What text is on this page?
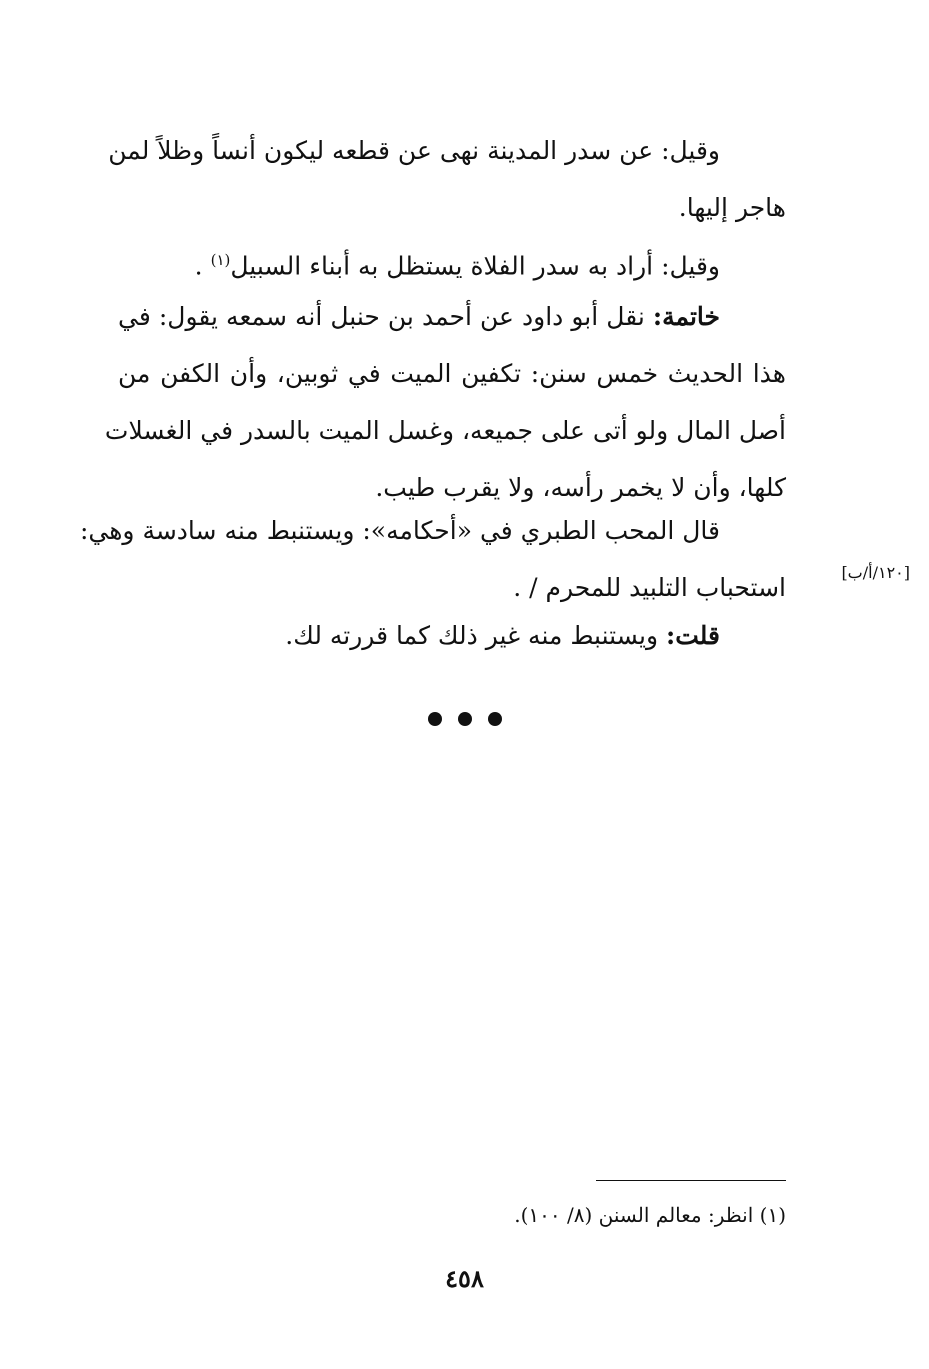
وقيل: عن سدر المدينة نهى عن قطعه ليكون أنساً وظلاً لمن
هاجر إليها.
وقيل: أراد به سدر الفلاة يستظل به أبناء السبيل$^{(١)}$ .
خاتمة: نقل أبو داود عن أحمد بن حنبل أنه سمعه يقول: في
هذا الحديث خمس سنن: تكفين الميت في ثوبين، وأن الكفن من
أصل المال ولو أتى على جميعه، وغسل الميت بالسدر في الغسلات
كلها، وأن لا يخمر رأسه، ولا يقرب طيب.
قال المحب الطبري في «أحكامه»: ويستنبط منه سادسة وهي:
استحباب التلبيد للمحرم / .
[١٢٠/أ/ب]
قلت: ويستنبط منه غير ذلك كما قررته لك.
(١) انظر: معالم السنن (٨/ ١٠٠).
٤٥٨
